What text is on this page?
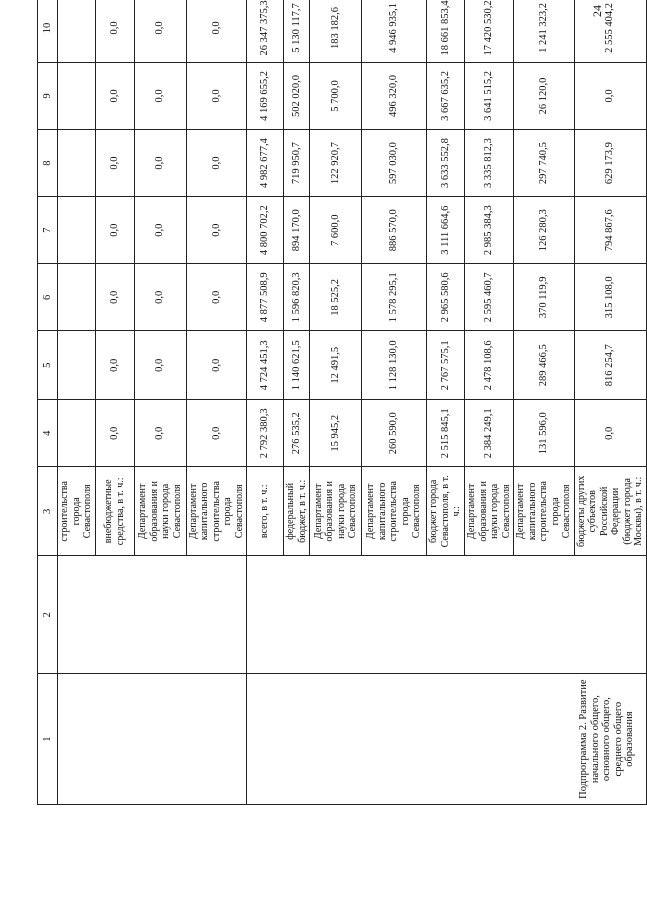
24
1	2	3	4	5	6	7	8	9	10
		строительства города Севастополя							
		внебюджетные средства, в т. ч.:	0,0	0,0	0,0	0,0	0,0	0,0	0,0
		Департамент образования и науки города Севастополя	0,0	0,0	0,0	0,0	0,0	0,0	0,0
		Департамент капитального строительства города Севастополя	0,0	0,0	0,0	0,0	0,0	0,0	0,0
Подпрограмма 2. Развитие начального общего, основного общего, среднего общего образования		всего, в т. ч.:	2 792 380,3	4 724 451,3	4 877 508,9	4 800 702,2	4 982 677,4	4 169 655,2	26 347 375,3
		федеральный бюджет, в т. ч.:	276 535,2	1 140 621,5	1 596 820,3	894 170,0	719 950,7	502 020,0	5 130 117,7
		Департамент образования и науки города Севастополя	15 945,2	12 491,5	18 525,2	7 600,0	122 920,7	5 700,0	183 182,6
		Департамент капитального строительства города Севастополя	260 590,0	1 128 130,0	1 578 295,1	886 570,0	597 030,0	496 320,0	4 946 935,1
		бюджет города Севастополя, в т. ч.:	2 515 845,1	2 767 575,1	2 965 580,6	3 111 664,6	3 633 552,8	3 667 635,2	18 661 853,4
		Департамент образования и науки города Севастополя	2 384 249,1	2 478 108,6	2 595 460,7	2 985 384,3	3 335 812,3	3 641 515,2	17 420 530,2
		Департамент капитального строительства города Севастополя	131 596,0	289 466,5	370 119,9	126 280,3	297 740,5	26 120,0	1 241 323,2
		бюджеты других субъектов Российской Федерации (бюджет города Москвы), в т. ч.:	0,0	816 254,7	315 108,0	794 867,6	629 173,9	0,0	2 555 404,2
